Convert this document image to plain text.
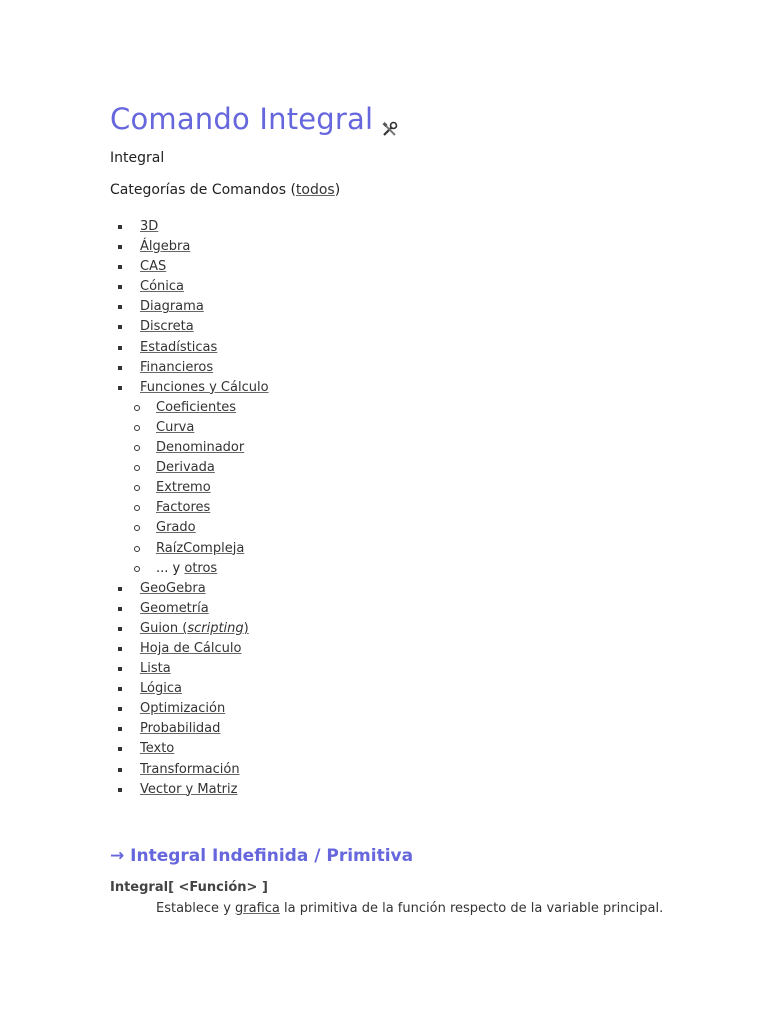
Comando Integral

Integral

Categorías de Comandos (todos)

3D
Álgebra
CAS
Cónica
Diagrama
Discreta
Estadísticas
Financieros
Funciones y Cálculo
Coeficientes
Curva
Denominador
Derivada
Extremo
Factores
Grado
RaízCompleja
... y otros
GeoGebra
Geometría
Guion (scripting)
Hoja de Cálculo
Lista
Lógica
Optimización
Probabilidad
Texto
Transformación
Vector y Matriz
→ Integral Indefinida / Primitiva

Integral[ <Función> ]

Establece y grafica la primitiva de la función respecto de la variable principal.
